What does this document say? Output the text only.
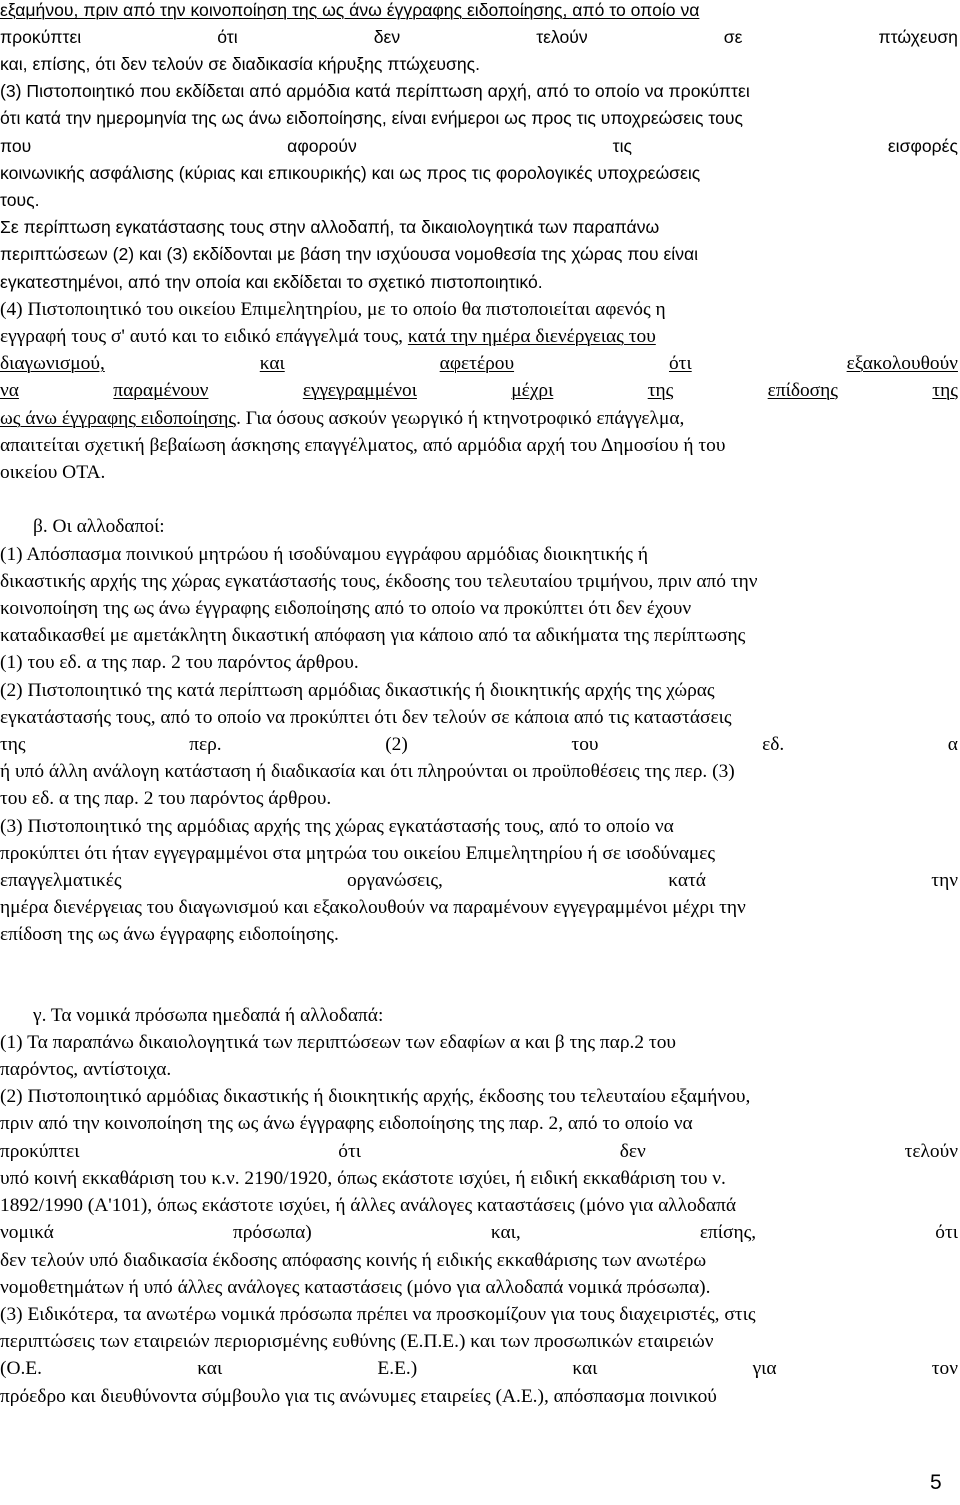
εξαμήνου, πριν από την κοινοποίηση της ως άνω έγγραφης ειδοποίησης, από το οποίο να
προκύπτει	ότι	δεν	τελούν	σε	πτώχευση
και, επίσης, ότι δεν τελούν σε διαδικασία κήρυξης πτώχευσης.
(3) Πιστοποιητικό που εκδίδεται από αρμόδια κατά περίπτωση αρχή, από το οποίο να προκύπτει
ότι κατά την ημερομηνία της ως άνω ειδοποίησης, είναι ενήμεροι ως προς τις υποχρεώσεις τους
που	αφορούν	τις	εισφορές
κοινωνικής ασφάλισης (κύριας και επικουρικής) και ως προς τις φορολογικές υποχρεώσεις
τους.
Σε περίπτωση εγκατάστασης τους στην αλλοδαπή, τα δικαιολογητικά των παραπάνω
περιπτώσεων (2) και (3) εκδίδονται με βάση την ισχύουσα νομοθεσία της χώρας που είναι
εγκατεστημένοι, από την οποία και εκδίδεται το σχετικό πιστοποιητικό.
(4) Πιστοποιητικό του οικείου Επιμελητηρίου, με το οποίο θα πιστοποιείται αφενός η
εγγραφή τους σ' αυτό και το ειδικό επάγγελμά τους, κατά την ημέρα διενέργειας του
διαγωνισμού,	και	αφετέρου	ότι	εξακολουθούν
να	παραμένουν	εγγεγραμμένοι	μέχρι	της	επίδοσης	της
ως άνω έγγραφης ειδοποίησης. Για όσους ασκούν γεωργικό ή κτηνοτροφικό επάγγελμα,
απαιτείται σχετική βεβαίωση άσκησης επαγγέλματος, από αρμόδια αρχή του Δημοσίου ή του
οικείου ΟΤΑ.
β. Οι αλλοδαποί:
(1) Απόσπασμα ποινικού μητρώου ή ισοδύναμου εγγράφου αρμόδιας διοικητικής ή
δικαστικής αρχής της χώρας εγκατάστασής τους, έκδοσης του τελευταίου τριμήνου, πριν από την
κοινοποίηση της ως άνω έγγραφης ειδοποίησης από το οποίο να προκύπτει ότι δεν έχουν
καταδικασθεί με αμετάκλητη δικαστική απόφαση για κάποιο από τα αδικήματα της περίπτωσης
(1) του εδ. α της παρ. 2 του παρόντος άρθρου.
(2) Πιστοποιητικό της κατά περίπτωση αρμόδιας δικαστικής ή διοικητικής αρχής της χώρας
εγκατάστασής τους, από το οποίο να προκύπτει ότι δεν τελούν σε κάποια από τις καταστάσεις
της	περ.	(2)	του	εδ.	α
ή υπό άλλη ανάλογη κατάσταση ή διαδικασία και ότι πληρούνται οι προϋποθέσεις της περ. (3)
του εδ. α της παρ. 2 του παρόντος άρθρου.
(3) Πιστοποιητικό της αρμόδιας αρχής της χώρας εγκατάστασής τους, από το οποίο να
προκύπτει ότι ήταν εγγεγραμμένοι στα μητρώα του οικείου Επιμελητηρίου ή σε ισοδύναμες
επαγγελματικές	οργανώσεις,	κατά	την
ημέρα διενέργειας του διαγωνισμού και εξακολουθούν να παραμένουν εγγεγραμμένοι μέχρι την
επίδοση της ως άνω έγγραφης ειδοποίησης.
γ. Τα νομικά πρόσωπα ημεδαπά ή αλλοδαπά:
(1) Τα παραπάνω δικαιολογητικά των περιπτώσεων των εδαφίων α και β της παρ.2 του
παρόντος, αντίστοιχα.
(2) Πιστοποιητικό αρμόδιας δικαστικής ή διοικητικής αρχής, έκδοσης του τελευταίου εξαμήνου,
πριν από την κοινοποίηση της ως άνω έγγραφης ειδοποίησης της παρ. 2, από το οποίο να
προκύπτει	ότι	δεν	τελούν
υπό κοινή εκκαθάριση του κ.ν. 2190/1920, όπως εκάστοτε ισχύει, ή ειδική εκκαθάριση του ν.
1892/1990 (Α'101), όπως εκάστοτε ισχύει, ή άλλες ανάλογες καταστάσεις (μόνο για αλλοδαπά
νομικά	πρόσωπα)	και,	επίσης,	ότι
δεν τελούν υπό διαδικασία έκδοσης απόφασης κοινής ή ειδικής εκκαθάρισης των ανωτέρω
νομοθετημάτων ή υπό άλλες ανάλογες καταστάσεις (μόνο για αλλοδαπά νομικά πρόσωπα).
(3) Ειδικότερα, τα ανωτέρω νομικά πρόσωπα πρέπει να προσκομίζουν για τους διαχειριστές, στις
περιπτώσεις των εταιρειών περιορισμένης ευθύνης (Ε.Π.Ε.) και των προσωπικών εταιρειών
(Ο.Ε.	και	Ε.Ε.)	και	για	τον
πρόεδρο και διευθύνοντα σύμβουλο για τις ανώνυμες εταιρείες (Α.Ε.), απόσπασμα ποινικού
5
